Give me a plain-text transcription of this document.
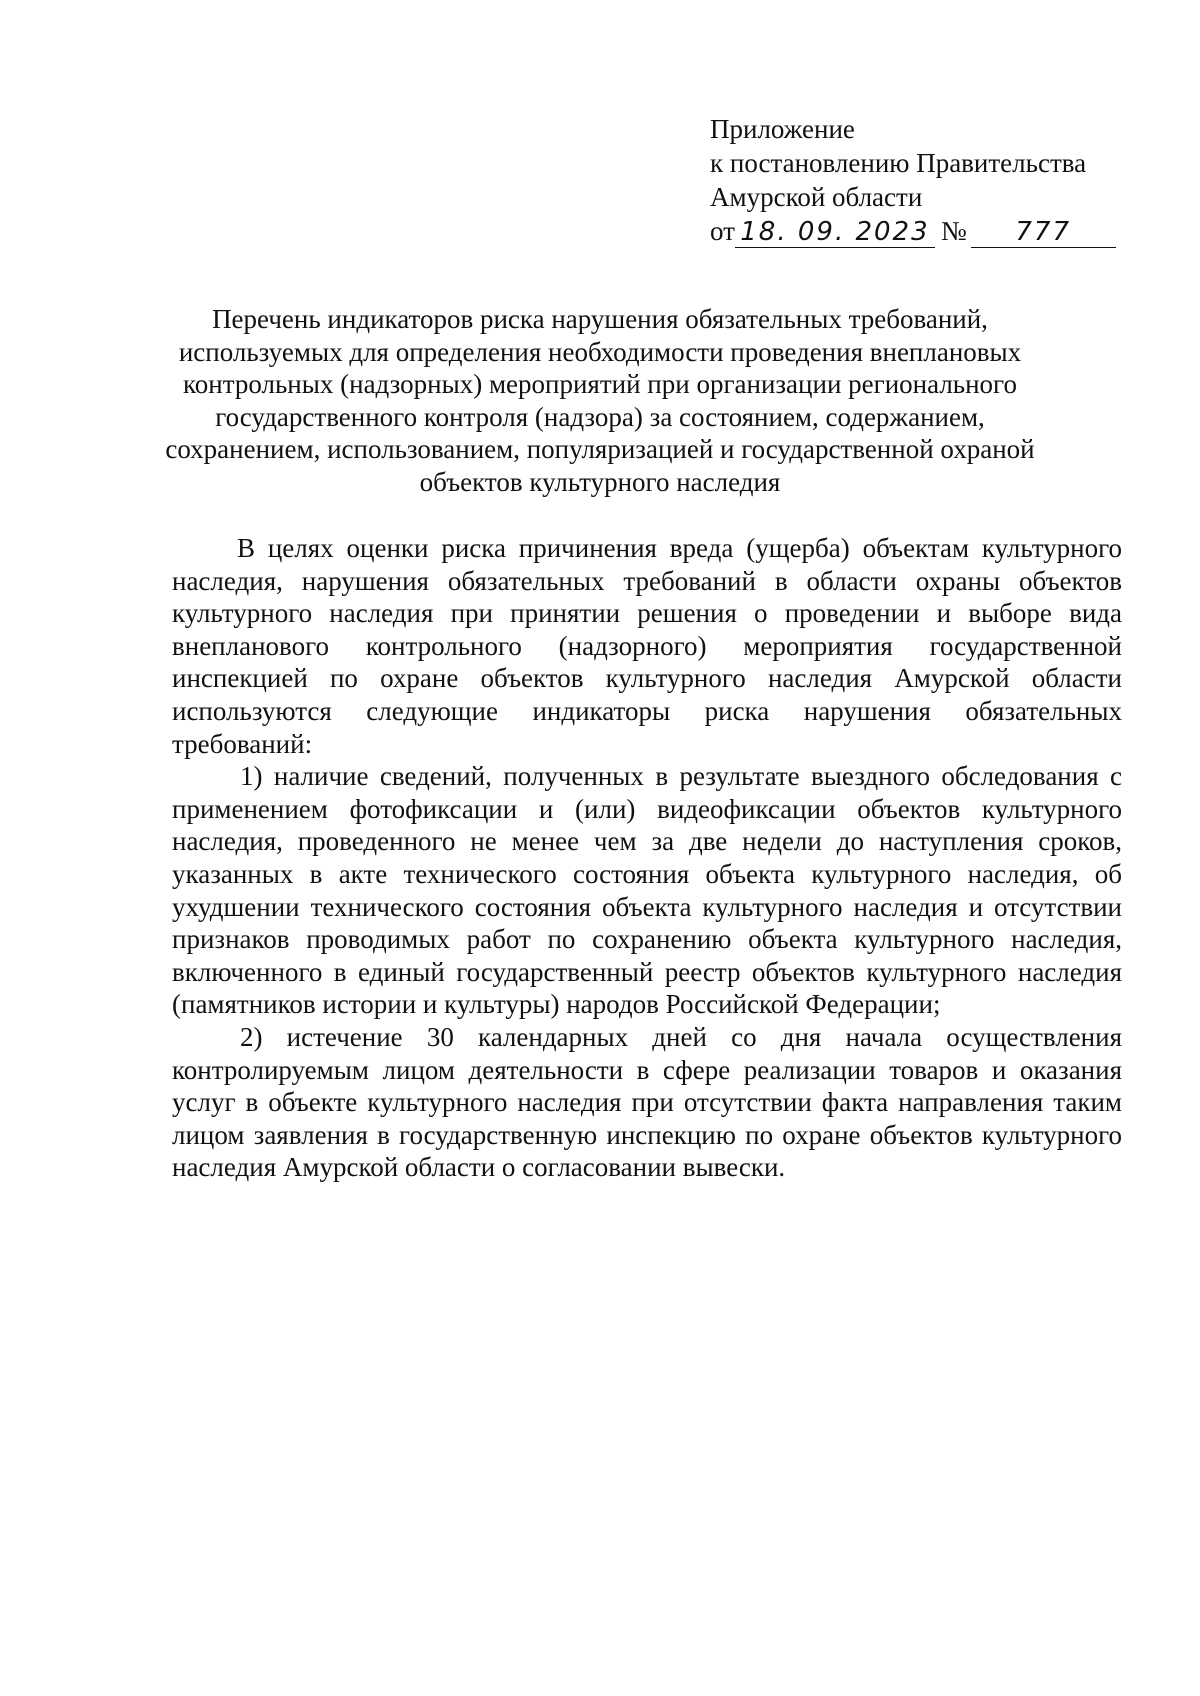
Приложение
к постановлению Правительства
Амурской области
от 18. 09. 2023 №	777
Перечень индикаторов риска нарушения обязательных требований,
используемых для определения необходимости проведения внеплановых
контрольных (надзорных) мероприятий при организации регионального
государственного контроля (надзора) за состоянием, содержанием,
сохранением, использованием, популяризацией и государственной охраной
объектов культурного наследия

В целях оценки риска причинения вреда (ущерба) объектам культурного наследия, нарушения обязательных требований в области охраны объектов культурного наследия при принятии решения о проведении и выборе вида внепланового контрольного (надзорного) мероприятия государственной инспекцией по охране объектов культурного наследия Амурской области используются следующие индикаторы риска нарушения обязательных требований:

1) наличие сведений, полученных в результате выездного обследования с применением фотофиксации и (или) видеофиксации объектов культурного наследия, проведенного не менее чем за две недели до наступления сроков, указанных в акте технического состояния объекта культурного наследия, об ухудшении технического состояния объекта культурного наследия и отсутствии признаков проводимых работ по сохранению объекта культурного наследия, включенного в единый государственный реестр объектов культурного наследия (памятников истории и культуры) народов Российской Федерации;

2) истечение 30 календарных дней со дня начала осуществления контролируемым лицом деятельности в сфере реализации товаров и оказания услуг в объекте культурного наследия при отсутствии факта направления таким лицом заявления в государственную инспекцию по охране объектов культурного наследия Амурской области о согласовании вывески.
